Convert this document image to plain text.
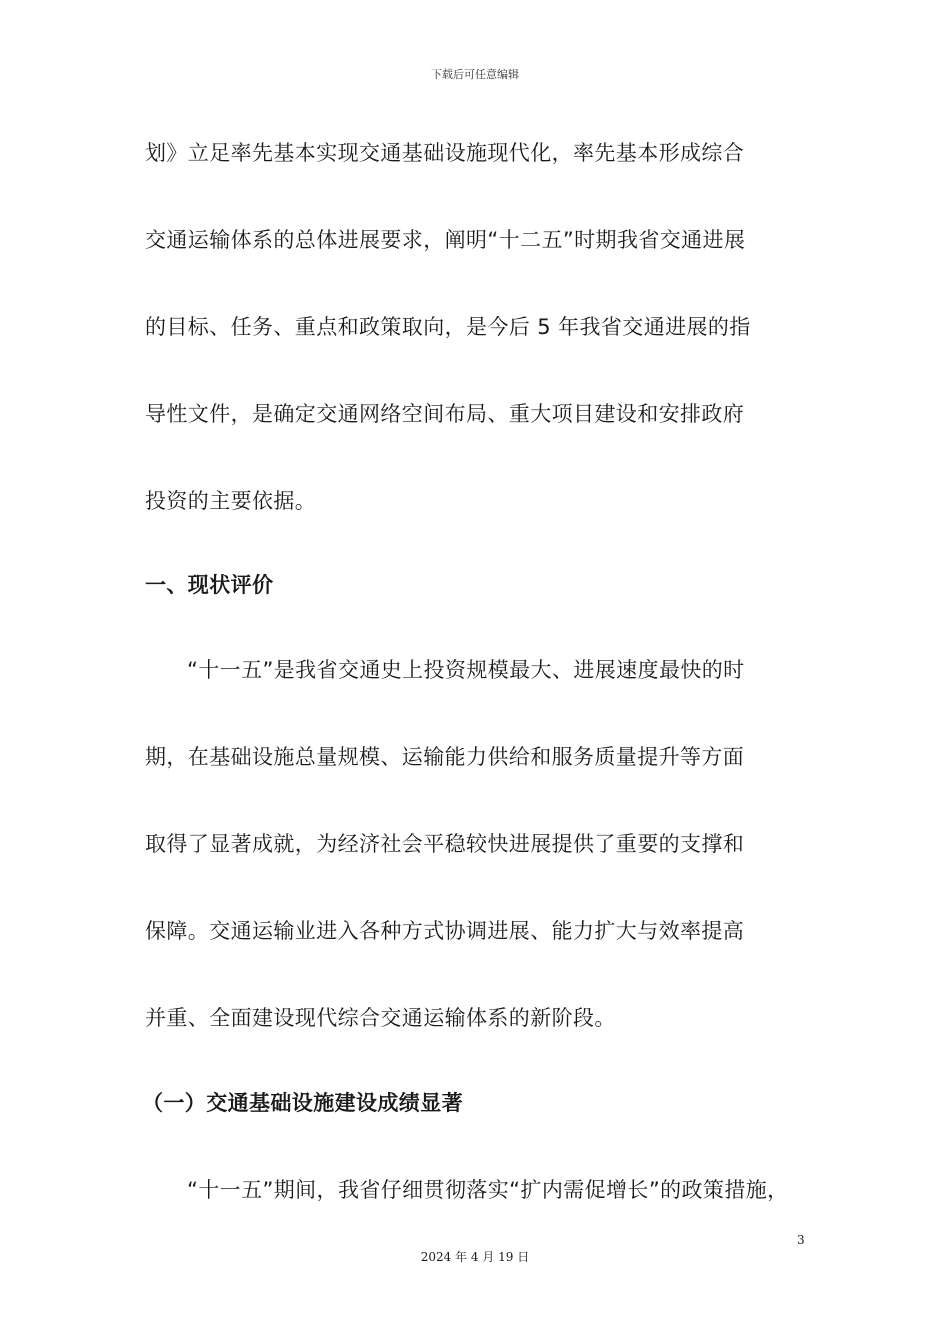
下载后可任意编辑
划》立足率先基本实现交通基础设施现代化，率先基本形成综合
交通运输体系的总体进展要求，阐明“十二五”时期我省交通进展
的目标、任务、重点和政策取向，是今后 5 年我省交通进展的指
导性文件，是确定交通网络空间布局、重大项目建设和安排政府
投资的主要依据。
一、现状评价
“十一五”是我省交通史上投资规模最大、进展速度最快的时
期，在基础设施总量规模、运输能力供给和服务质量提升等方面
取得了显著成就，为经济社会平稳较快进展提供了重要的支撑和
保障。交通运输业进入各种方式协调进展、能力扩大与效率提高
并重、全面建设现代综合交通运输体系的新阶段。
（一）交通基础设施建设成绩显著
“十一五”期间，我省仔细贯彻落实“扩内需促增长”的政策措施，
3
2024 年 4 月 19 日
